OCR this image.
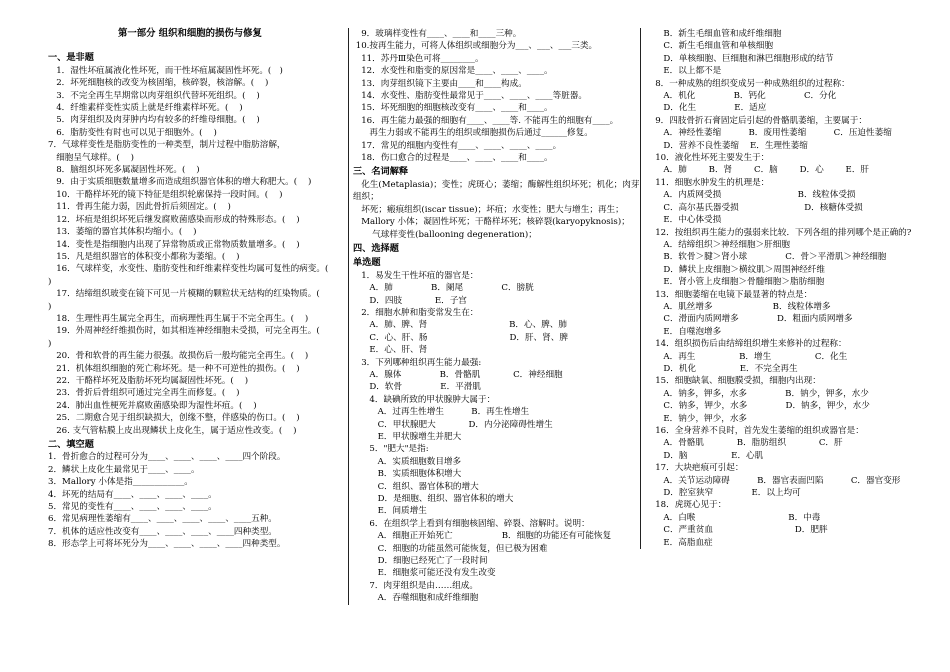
第一部分 组织和细胞的损伤与修复
一、是非题
1．湿性坏疽属液化性坏死，而干性坏疽属凝固性坏死。(   )
2．坏死细胞核的改变为核固缩，核碎裂，核溶解。(    )
3．不完全再生早期常以肉芽组织代替坏死组织。(    )
4．纤维素样变性实质上就是纤维素样坏死。(    )
5．肉芽组织及肉芽肿内均有较多的纤维母细胞。(    )
6．脂肪变性有时也可以见于细胞外。(    )
7．气球样变性是脂肪变性的一种类型，制片过程中脂肪溶解，
细胞呈气球样。(    )
8．脑组织坏死多属凝固性坏死。(    )
9．由于实质细胞数量增多而造成组织器官体积的增大称肥大。(    )
10．干酪样坏死的镜下特征是组织轮廓保持一段时间。(    )
11．骨再生能力弱，因此骨折后须固定。(    )
12．坏疽是组织坏死后继发腐败菌感染而形成的特殊形态。(    )
13．萎缩的器官其体积均缩小。(    )
14．变性是指细胞内出现了异常物质或正常物质数量增多。(    )
15．凡是组织器官的体积变小都称为萎缩。(    )
16．气球样变，水变性、脂肪变性和纤维素样变性均属可复性的病变。(    )
17．结缔组织玻变在镜下可见一片模糊的颗粒状无结构的红染物质。(    )
18．生理性再生属完全再生，而病理性再生属于不完全再生。(    )
19．外周神经纤维损伤时，如其相连神经细胞未受损，可完全再生。(    )
20．骨和软骨的再生能力很强。故损伤后一般均能完全再生。(    )
21．机体组织细胞的死亡称坏死。是一种不可逆性的损伤。(    )
22．干酪样坏死及脂肪坏死均属凝固性坏死。(    )
23．骨折后骨组织可通过完全再生而修复。(    )
24．肺出血性梗死并腐败菌感染即为湿性坏疽。(    )
25．二期愈合见于组织缺损大，创缘不整，伴感染的伤口。(    )
26. 支气管粘膜上皮出现鳞状上皮化生，属于适应性改变。(    )
二、填空题
1．骨折愈合的过程可分为____、____、____、____四个阶段。
2．鳞状上皮化生最常见于____、____。
3．Mallory 小体是指____________。
4．坏死的结局有____、____、____、____。
5．常见的变性有____、____、____、____。
6．常见病理性萎缩有____、____、____、____、____五种。
7．机体的适应性改变有____、____、____、____四种类型。
8．形态学上可将坏死分为____、____、____、____四种类型。
9．玻璃样变性有____、____和____三种。
10.按再生能力，可将人体组织或细胞分为___、___、___三类。
11．苏丹Ⅲ染色可将________。
12．水变性和脂变的原因常是____、____、____。
13．肉芽组织镜下主要由____和____构成。
14．水变性、脂肪变性最常见于____、____、____等脏器。
15．坏死细胞的细胞核改变有____、____和____。
16．再生能力最强的细胞有____、____等. 不能再生的细胞有____。
再生力弱或不能再生的组织或细胞损伤后通过______修复。
17．常见的细胞内变性有____、____、____、____。
18．伤口愈合的过程是____、____、____和____。
三、名词解释
化生(Metaplasia)；变性；虎斑心；萎缩；酶解性组织坏死；机化；肉芽组织；
坏死；瘢痕组织(iscar tissue)；坏疽；水变性；肥大与增生；再生；
Mallory 小体；凝固性坏死；干酪样坏死；核碎裂(karyopyknosis)；
气球样变性(ballooning degeneration)；
四、选择题
单选题
1．易发生干性坏疽的器官是：
A．肺              B．阑尾              C．膀胱
D．四肢            E．子宫
2．细胞水肿和脂变常发生在：
A．肺、脾、肾                              B．心、脾、肺
C．心、肝、肠                              D．肝、肾、脾
E．心、肝、肾
3．下列哪种组织再生能力最强:
A．腺体              B．骨骼肌            C．神经细胞
D．软骨              E．平滑肌
4．缺碘所致的甲状腺肿大属于：
A．过再生性增生          B．再生性增生
C．甲状腺肥大            D．内分泌障碍性增生
E．甲状腺增生并肥大
5．"肥大"是指:
A．实质细胞数目增多
B．实质细胞体积增大
C．组织、器官体积的增大
D．是细胞、组织、器官体积的增大
E．间质增生
6．在组织学上看到有细胞核固缩、碎裂、溶解时。说明：
A．细胞正开始死亡                  B．细胞的功能还有可能恢复
C．细胞的功能虽然可能恢复，但已极为困难
D．细胞已经死亡了一段时间
E．细胞浆可能还没有发生改变
7．肉芽组织是由……组成。
A．吞噬细胞和成纤维细胞
B．新生毛细血管和成纤维细胞
C．新生毛细血管和单核细胞
D．单核细胞、巨细胞和淋巴细胞形成的结节
E．以上都不是
8．一种成熟的组织变成另一种成熟组织的过程称：
A．机化              B．钙化              C．分化
D．化生              E．适应
9．四肢骨折石膏固定后引起的骨骼肌萎缩，主要属于：
A．神经性萎缩          B．废用性萎缩          C．压迫性萎缩
D．营养不良性萎缩    E．生理性萎缩
10．液化性坏死主要发生于：
A．肺        B．肾        C．脑        D．心        E．肝
11．细胞水肿发生的机理是：
A．内质网受损                            B．线粒体受损
C．高尔基氏器受损                        D．核糖体受损
E．中心体受损
12．按组织再生能力的强弱来比较．下列各组的排列哪个是正确的?
A．结缔组织＞神经细胞＞肝细胞
B．软骨＞腱＞肾小球              C．骨＞平滑肌＞神经细胞
D．鳞状上皮细胞＞横纹肌＞周围神经纤维
E．肾小管上皮细胞＞骨髓细胞＞脂肪细胞
13．细胞萎缩在电镜下最显著的特点是：
A．肌丝增多                      B．线粒体增多
C．滑面内质网增多              D．粗面内质网增多
E．自噬泡增多
14．组织损伤后由结缔组织增生来修补的过程称：
A．再生                B．增生                C．化生
D．机化                E．不完全再生
15．细胞缺氧、细胞膜受损，细胞内出现：
A．钠多，钾多，水多              B．钠少，钾多，水少
C．钠多，钾少，水多              D．钠多，钾少，水少
E．钠少，钾少，水多
16．全身营养不良时，首先发生萎缩的组织或器官是：
A．骨骼肌            B．脂肪组织            C．肝
D．脑                E．心肌
17．大块疤痕可引起：
A．关节运动障碍          B．器官表面凹陷          C．器官变形
D．腔室狭窄              E．以上均可
18．虎斑心见于：
A．白喉                                  B．中毒
C．严重贫血                              D．肥胖
E．高脂血症
